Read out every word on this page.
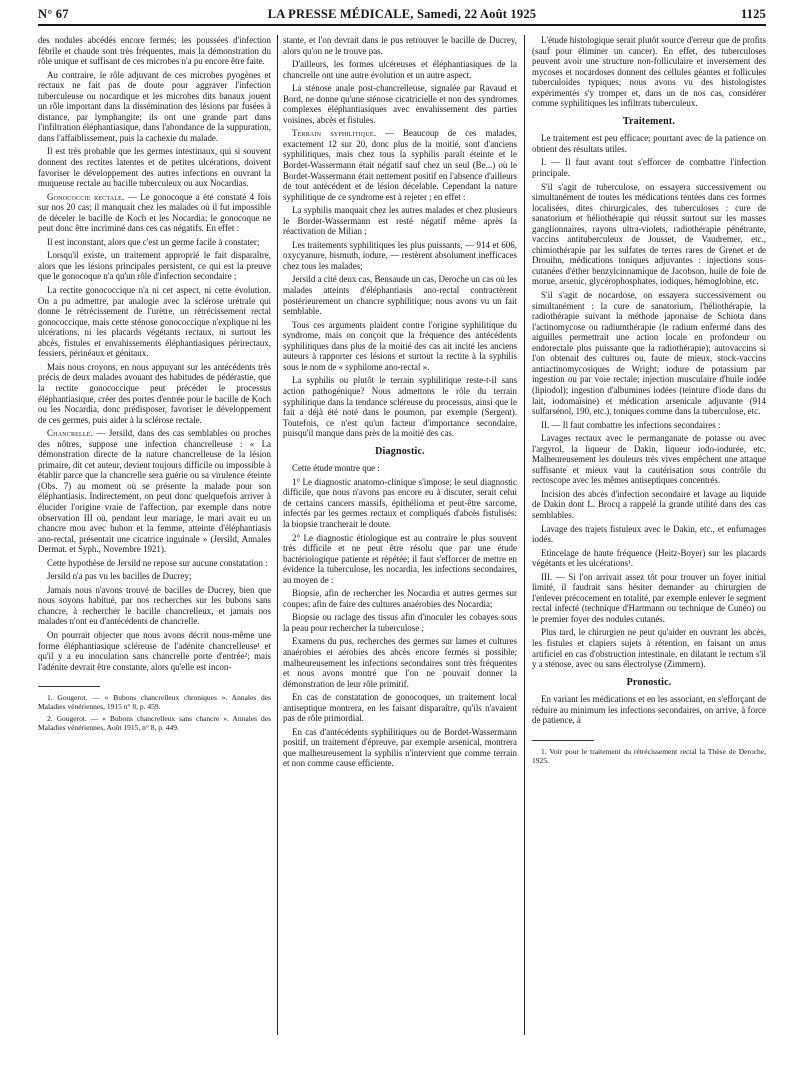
N° 67	LA PRESSE MÉDICALE, Samedi, 22 Août 1925	1125

des nodules abcédés encore fermés; les poussées d'infection fébrile et chaude sont très fréquentes, mais la démonstration du rôle unique et suffisant de ces microbes n'a pu encore être faite.

Au contraire, le rôle adjuvant de ces microbes pyogènes et rectaux ne fait pas de doute pour aggraver l'infection tuberculeuse ou nocardique et les microbes dits banaux jouent un rôle important dans la dissémination des lésions par fusées à distance, par lymphangite; ils ont une grande part dans l'infiltration éléphantiasique, dans l'abondance de la suppuration, dans l'affaiblissement, puis la cachexie du malade.

Il est très probable que les germes intestinaux, qui si souvent donnent des rectites latentes et de petites ulcérations, doivent favoriser le développement des autres infections en ouvrant la muqueuse rectale au bacille tuberculeux ou aux Nocardias.

Gonococcie rectale. — Le gonocoque a été constaté 4 fois sur nos 20 cas; il manquait chez les malades où il fut impossible de déceler le bacille de Koch et les Nocardia; le gonocoque ne peut donc être incriminé dans ces cas négatifs. En effet :

Il est inconstant, alors que c'est un germe facile à constater;

Lorsqu'il existe, un traitement approprié le fait disparaître, alors que les lésions principales persistent, ce qui est la preuve que le gonocoque n'a qu'un rôle d'infection secondaire ;

La rectite gonococcique n'a ni cet aspect, ni cette évolution. On a pu admettre, par analogie avec la sclérose urétrale qui donne le rétrécissement de l'urètre, un rétrécissement rectal gonococcique, mais cette sténose gonococcique n'explique ni les ulcérations, ni les placards végétants rectaux, ni surtout les abcès, fistules et envahissements éléphantiasiques périrectaux, fessiers, périnéaux et génitaux.

Mais nous croyons, en nous appuyant sur les antécédents très précis de deux malades avouant des habitudes de pédérastie, que la rectite gonococcique peut précéder le processus éléphantiasique, créer des portes d'entrée pour le bacille de Koch ou les Nocardia, donc prédisposer, favoriser le développement de ces germes, puis aider à la sclérose rectale.

Chancrelle. — Jersild, dans des cas semblables ou proches des nôtres, suppose une infection chancrelleuse : « La démonstration directe de la nature chancrelleuse de la lésion primaire, dit cet auteur, devient toujours difficile ou impossible à établir parce que la chancrelle sera guérie ou sa virulence éteinte (Obs. 7) au moment où se présente la malade pour son éléphantiasis. Indirectement, on peut donc quelquefois arriver à élucider l'origine vraie de l'affection, par exemple dans notre observation III où, pendant leur mariage, le mari avait eu un chancre mou avec bubon et la femme, atteinte d'éléphantiasis ano-rectal, présentait une cicatrice inguinale » (Jersild, Annales Dermat. et Syph., Novembre 1921).

Cette hypothèse de Jersild ne repose sur aucune constatation :

Jersild n'a pas vu les bacilles de Ducrey;

Jamais nous n'avons trouvé de bacilles de Ducrey, bien que nous soyons habitué, par nos recherches sur les bubons sans chancre, à rechercher le bacille chancrelleux, et jamais nos malades n'ont eu d'antécédents de chancrelle.

On pourrait objecter que nous avons décrit nous-même une forme éléphantiasique scléreuse de l'adénite chancrelleuse¹ et qu'il y a eu inoculation sans chancrelle porte d'entrée²; mais l'adénite devrait être constante, alors qu'elle est incon-

1. Gougerot. — « Bubons chancrelleux chroniques ». Annales des Maladies vénériennes, 1915 n° 8, p. 459.

2. Gougerot. — « Bubons chancrelleux sans chancre ». Annales des Maladies vénériennes, Août 1915, n° 8, p. 449.

stante, et l'on devrait dans le pus retrouver le bacille de Ducrey, alors qu'on ne le trouve pas.

D'ailleurs, les formes ulcéreuses et éléphantiasiques de la chancrelle ont une autre évolution et un autre aspect.

La sténose anale post-chancrelleuse, signalée par Ravaud et Bord, ne donne qu'une sténose cicatricielle et non des syndromes complexes éléphantiasiques avec envahissement des parties voisines, abcès et fistules.

Terrain syphilitique. — Beaucoup de ces malades, exactement 12 sur 20, donc plus de la moitié, sont d'anciens syphilitiques, mais chez tous la syphilis paraît éteinte et le Bordet-Wassermann était négatif sauf chez un seul (Be...) où le Bordet-Wassermann était nettement positif en l'absence d'ailleurs de tout antécédent et de lésion décelable. Cependant la nature syphilitique de ce syndrome est à rejeter ; en effet :

La syphilis manquait chez les autres malades et chez plusieurs le Bordet-Wassermann est resté négatif même après la réactivation de Milian ;

Les traitements syphilitiques les plus puissants, — 914 et 606, oxycyanure, bismuth, iodure, — restèrent absolument inefficaces chez tous les malades;

Jersild a cité deux cas, Bensaude un cas, Deroche un cas où les malades atteints d'éléphantiasis ano-rectal contractèrent postérieurement un chancre syphilitique; nous avons vu un fait semblable.

Tous ces arguments plaident contre l'origine syphilitique du syndrome, mais on conçoit que la fréquence des antécédents syphilitiques dans plus de la moitié des cas ait incité les anciens auteurs à rapporter ces lésions et surtout la rectite à la syphilis sous le nom de « syphilome ano-rectal ».

La syphilis ou plutôt le terrain syphilitique reste-t-il sans action pathogénique? Nous admettons le rôle du terrain syphilitique dans la tendance scléreuse du processus, ainsi que le fait a déjà été noté dans le poumon, par exemple (Sergent). Toutefois, ce n'est qu'un facteur d'importance secondaire, puisqu'il manque dans près de la moitié des cas.

Diagnostic.

Cette étude montre que :

1° Le diagnostic anatomo-clinique s'impose; le seul diagnostic difficile, que nous n'avons pas encore eu à discuter, serait celui de certains cancers massifs, épithélioma et peut-être sarcome, infectés par les germes rectaux et compliqués d'abcès fistulisés: la biopsie trancherait le doute.

2° Le diagnostic étiologique est au contraire le plus souvent très difficile et ne peut être résolu que par une étude bactériologique patiente et répétée; il faut s'efforcer de mettre en évidence la tuberculose, les nocardia, les infections secondaires, au moyen de :

Biopsie, afin de rechercher les Nocardia et autres germes sur coupes; afin de faire des cultures anaérobies des Nocardia;

Biopsie ou raclage des tissus afin d'inoculer les cobayes sous la peau pour rechercher la tuberculose ;

Examens du pus, recherches des germes sur lames et cultures anaérobies et aérobies des abcès encore fermés si possible; malheureusement les infections secondaires sont très fréquentes et nous avons montré que l'on ne pouvait donner la démonstration de leur rôle primitif.

En cas de constatation de gonocoques, un traitement local antiseptique montrera, en les faisant disparaître, qu'ils n'avaient pas de rôle primordial.

En cas d'antécédents syphilitiques ou de Bordet-Wassermann positif, un traitement d'épreuve, par exemple arsenical, montrera que malheureusement la syphilis n'intervient que comme terrain et non comme cause efficiente.

L'étude histologique serait plutôt source d'erreur que de profits (sauf pour éliminer un cancer). En effet, des tuberculoses peuvent avoir une structure non-folliculaire et inversement des mycoses et nocardoses donnent des cellules géantes et follicules tuberculoïdes typiques; nous avons vu des histologistes expérimentés s'y tromper et, dans un de nos cas, considérer comme syphilitiques les infiltrats tuberculeux.

Traitement.

Le traitement est peu efficace; pourtant avec de la patience on obtient des résultats utiles.

I. — Il faut avant tout s'efforcer de combattre l'infection principale.

S'il s'agit de tuberculose, on essayera successivement ou simultanément de toutes les médications tentées dans ces formes localisées, dites chirurgicales, des tuberculoses : cure de sanatorium et héliothérapie qui réussit surtout sur les masses ganglionnaires, rayons ultra-violets, radiothérapie pénétrante, vaccins antituberculeux de Jousset, de Vaudremer, etc., chimiothérapie par les sulfates de terres rares de Grenet et de Drouihn, médications toniques adjuvantes : injections sous-cutanées d'éther benzylcinnamique de Jacobson, huile de foie de morue, arsenic, glycérophosphates, iodiques, hémoglobine, etc.

S'il s'agit de nocardose, on essayera successivement ou simultanément : la cure de sanatorium, l'héliothérapie, la radiothérapie suivant la méthode japonaise de Schiota dans l'actinomycose ou radiumthérapie (le radium enfermé dans des aiguilles permettrait une action locale en profondeur ou endorectale plus puissante que la radiothérapie); autovaccins si l'on obtenait des cultures ou, faute de mieux, stock-vaccins antiactinomycosiques de Wright; iodure de potassium par ingestion ou par voie rectale; injection musculaire d'huile iodée (lipiodol); ingestion d'albumines iodées (teinture d'iode dans du lait, iodomaïsine) et médication arsenicale adjuvante (914 sulfarsénol, 190, etc.), toniques comme dans la tuberculose, etc.

II. — Il faut combattre les infections secondaires :

Lavages rectaux avec le permanganate de potasse ou avec l'argyrol, la liqueur de Dakin, liqueur iodo-iodurée, etc. Malheureusement les douleurs très vives empêchent une attaque suffisante et mieux vaut la cautérisation sous contrôle du rectoscope avec les mêmes antiseptiques concentrés.

Incision des abcès d'infection secondaire et lavage au liquide de Dakin dont L. Brocq a rappelé la grande utilité dans des cas semblables.

Lavage des trajets fistuleux avec le Dakin, etc., et enfumages iodés.

Etincelage de haute fréquence (Heitz-Boyer) sur les placards végétants et les ulcérations¹.

III. — Si l'on arrivait assez tôt pour trouver un foyer initial limité, il faudrait sans hésiter demander au chirurgien de l'enlever précocement en totalité, par exemple enlever le segment rectal infecté (technique d'Hartmann ou technique de Cunéo) ou le premier foyer des nodules cutanés.

Plus tard, le chirurgien ne peut qu'aider en ouvrant les abcès, les fistules et clapiers sujets à rétention, en faisant un anus artificiel en cas d'obstruction intestinale, en dilatant le rectum s'il y a sténose, avec ou sans électrolyse (Zimmern).

Pronostic.

En variant les médications et en les associant, en s'efforçant de réduire au minimum les infections secondaires, on arrive, à force de patience, à

1. Voir pour le traitement du rétrécissement rectal la Thèse de Deroche, 1925.
